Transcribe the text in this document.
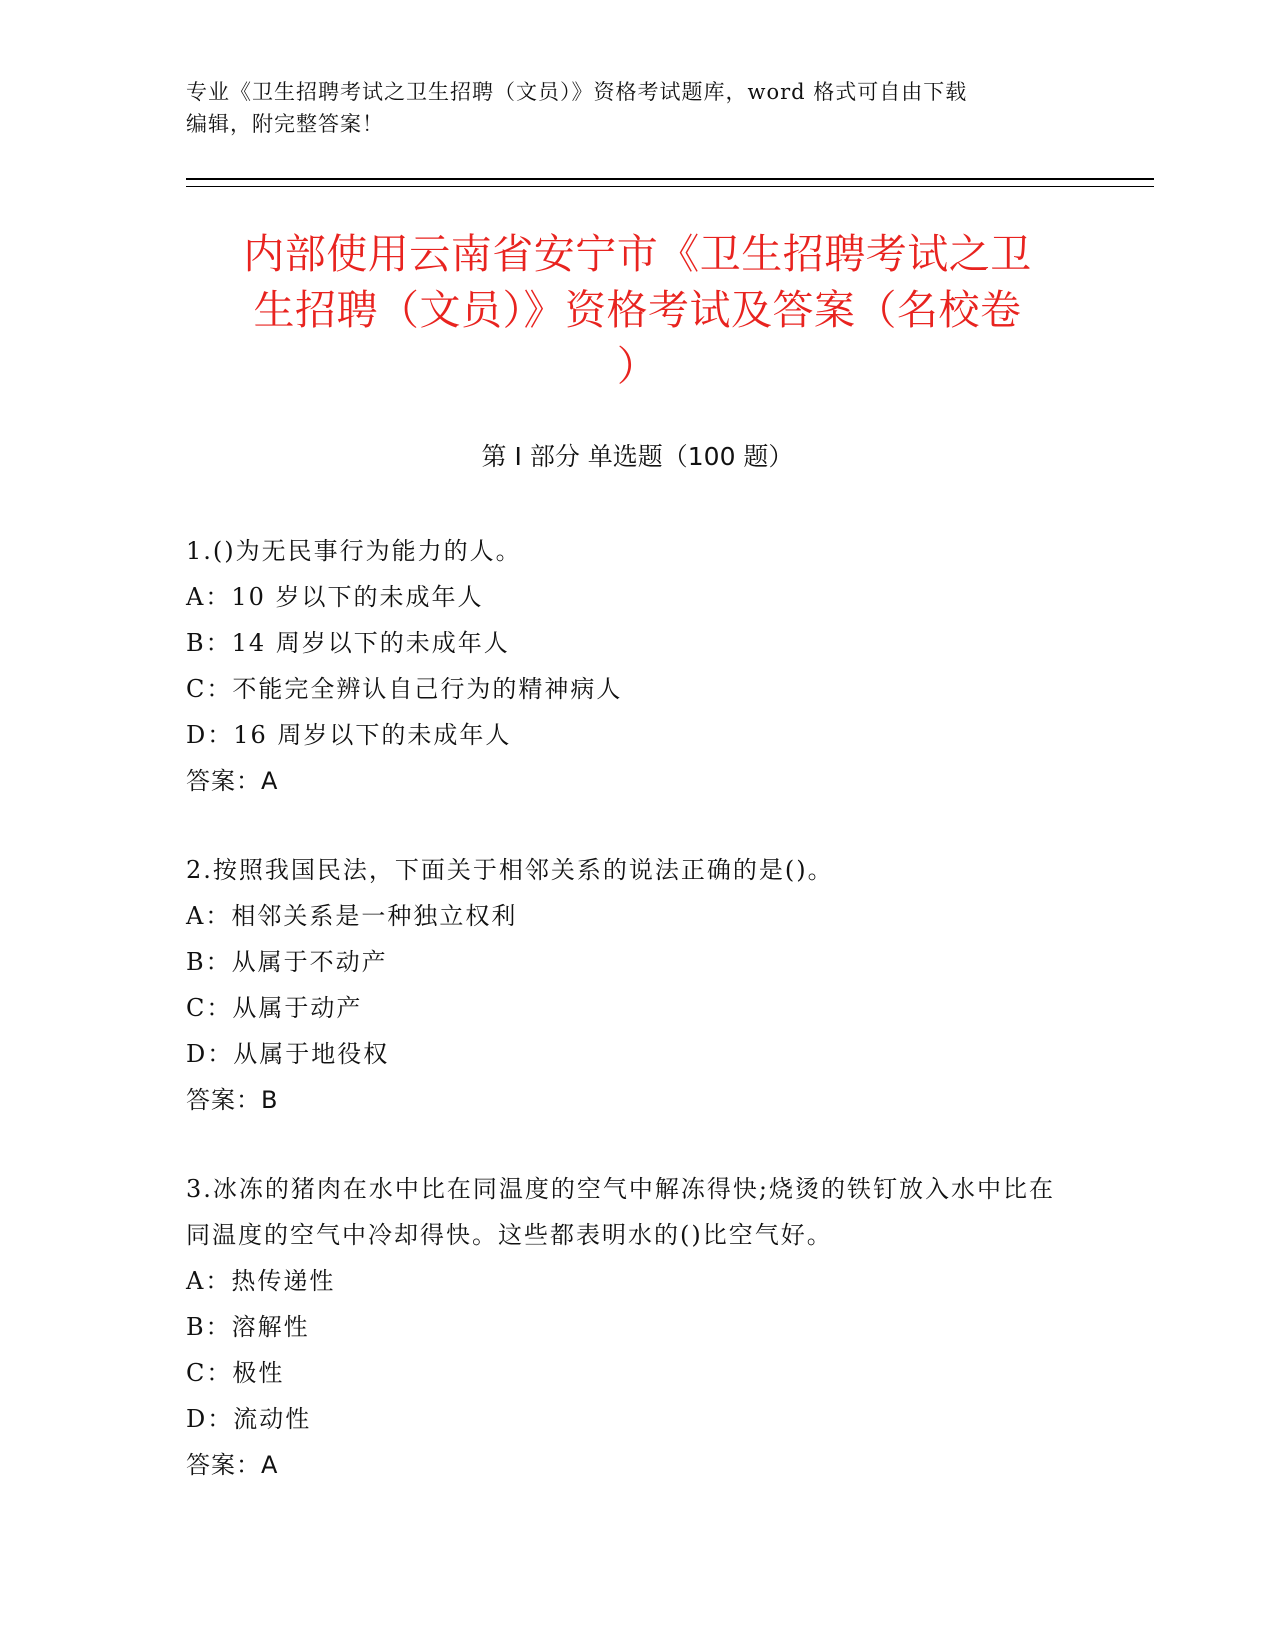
专业《卫生招聘考试之卫生招聘（文员）》资格考试题库，word 格式可自由下载
编辑，附完整答案！
内部使用云南省安宁市《卫生招聘考试之卫
生招聘（文员）》资格考试及答案（名校卷
）
第 I 部分 单选题（100 题）
1.()为无民事行为能力的人。
A：10 岁以下的未成年人
B：14 周岁以下的未成年人
C：不能完全辨认自己行为的精神病人
D：16 周岁以下的未成年人
答案：A
2.按照我国民法，下面关于相邻关系的说法正确的是()。
A：相邻关系是一种独立权利
B：从属于不动产
C：从属于动产
D：从属于地役权
答案：B
3.冰冻的猪肉在水中比在同温度的空气中解冻得快;烧烫的铁钉放入水中比在同温度的空气中冷却得快。这些都表明水的()比空气好。
A：热传递性
B：溶解性
C：极性
D：流动性
答案：A
